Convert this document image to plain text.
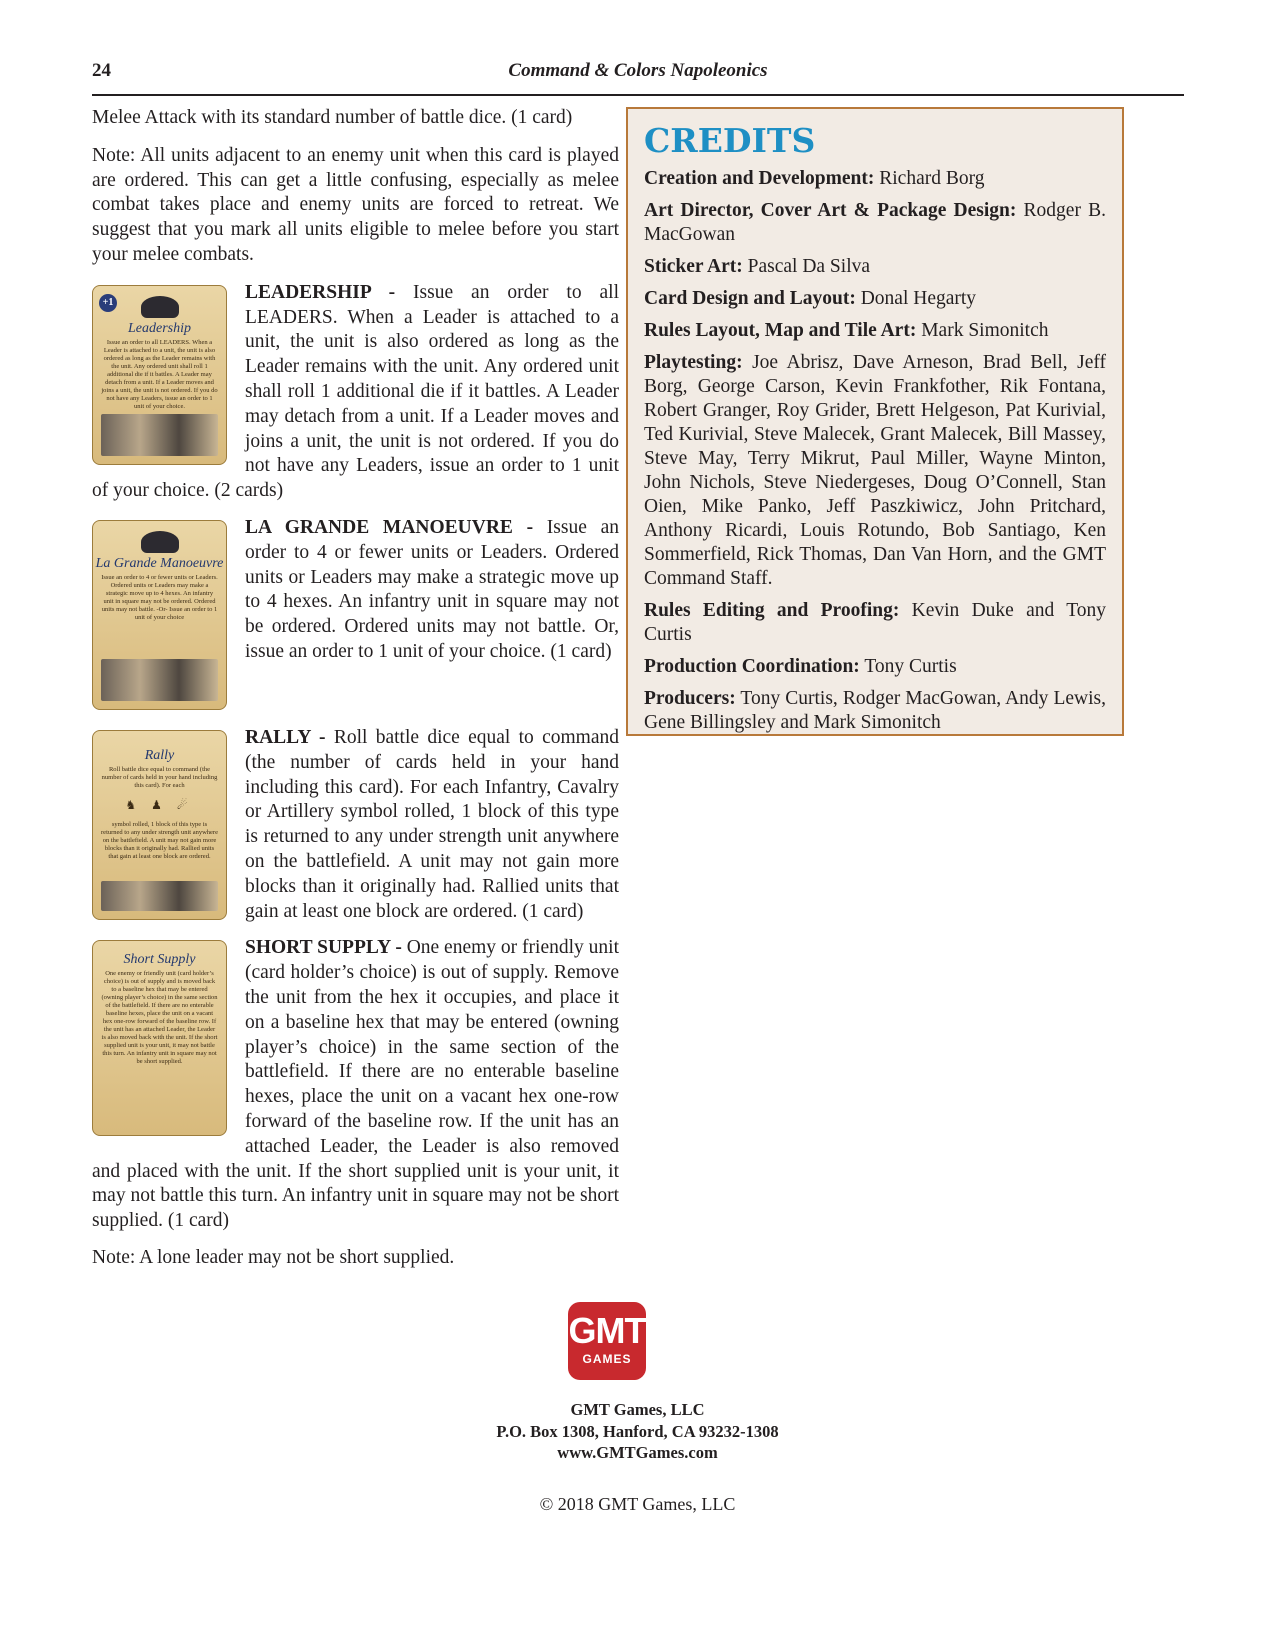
24	Command & Colors Napoleonics

Melee Attack with its standard number of battle dice. (1 card)

Note: All units adjacent to an enemy unit when this card is played are ordered. This can get a little confusing, especially as melee combat takes place and enemy units are forced to retreat. We suggest that you mark all units eligible to melee before you start your melee combats.

+1
Leadership
Issue an order to all LEADERS. When a Leader is attached to a unit, the unit is also ordered as long as the Leader remains with the unit. Any ordered unit shall roll 1 additional die if it battles. A Leader may detach from a unit. If a Leader moves and joins a unit, the unit is not ordered. If you do not have any Leaders, issue an order to 1 unit of your choice.

LEADERSHIP - Issue an order to all LEADERS. When a Leader is attached to a unit, the unit is also ordered as long as the Leader remains with the unit. Any ordered unit shall roll 1 additional die if it battles. A Leader may detach from a unit. If a Leader moves and joins a unit, the unit is not ordered. If you do not have any Leaders, issue an order to 1 unit of your choice. (2 cards)

La Grande Manoeuvre
Issue an order to 4 or fewer units or Leaders. Ordered units or Leaders may make a strategic move up to 4 hexes. An infantry unit in square may not be ordered. Ordered units may not battle. -Or- Issue an order to 1 unit of your choice

LA GRANDE MANOEUVRE - Issue an order to 4 or fewer units or Leaders. Ordered units or Leaders may make a strategic move up to 4 hexes. An infantry unit in square may not be ordered. Ordered units may not battle. Or, issue an order to 1 unit of your choice. (1 card)

Rally
Roll battle dice equal to command (the number of cards held in your hand including this card). For each
♞ ♟ ☄
symbol rolled, 1 block of this type is returned to any under strength unit anywhere on the battlefield. A unit may not gain more blocks than it originally had. Rallied units that gain at least one block are ordered.

RALLY - Roll battle dice equal to command (the number of cards held in your hand including this card). For each Infantry, Cavalry or Artillery symbol rolled, 1 block of this type is returned to any under strength unit anywhere on the battlefield. A unit may not gain more blocks than it originally had. Rallied units that gain at least one block are ordered. (1 card)

Short Supply
One enemy or friendly unit (card holder’s choice) is out of supply and is moved back to a baseline hex that may be entered (owning player’s choice) in the same section of the battlefield. If there are no enterable baseline hexes, place the unit on a vacant hex one-row forward of the baseline row. If the unit has an attached Leader, the Leader is also moved back with the unit. If the short supplied unit is your unit, it may not battle this turn. An infantry unit in square may not be short supplied.

SHORT SUPPLY - One enemy or friendly unit (card holder’s choice) is out of supply. Remove the unit from the hex it occupies, and place it on a baseline hex that may be entered (owning player’s choice) in the same section of the battlefield. If there are no enterable baseline hexes, place the unit on a vacant hex one-row forward of the baseline row. If the unit has an attached Leader, the Leader is also removed and placed with the unit. If the short supplied unit is your unit, it may not battle this turn. An infantry unit in square may not be short supplied. (1 card)

Note: A lone leader may not be short supplied.

CREDITS

Creation and Development: Richard Borg

Art Director, Cover Art & Package Design: Rodger B. MacGowan

Sticker Art: Pascal Da Silva

Card Design and Layout: Donal Hegarty

Rules Layout, Map and Tile Art: Mark Simonitch

Playtesting: Joe Abrisz, Dave Arneson, Brad Bell, Jeff Borg, George Carson, Kevin Frankfother, Rik Fontana, Robert Granger, Roy Grider, Brett Helgeson, Pat Kurivial, Ted Kurivial, Steve Malecek, Grant Malecek, Bill Massey, Steve May, Terry Mikrut, Paul Miller, Wayne Minton, John Nichols, Steve Niedergeses, Doug O’Connell, Stan Oien, Mike Panko, Jeff Paszkiwicz, John Pritchard, Anthony Ricardi, Louis Rotundo, Bob Santiago, Ken Sommerfield, Rick Thomas, Dan Van Horn, and the GMT Command Staff.

Rules Editing and Proofing: Kevin Duke and Tony Curtis

Production Coordination: Tony Curtis

Producers: Tony Curtis, Rodger MacGowan, Andy Lewis, Gene Billingsley and Mark Simonitch

GMT
GAMES
GMT Games, LLC
P.O. Box 1308, Hanford, CA 93232-1308
www.GMTGames.com
© 2018 GMT Games, LLC
